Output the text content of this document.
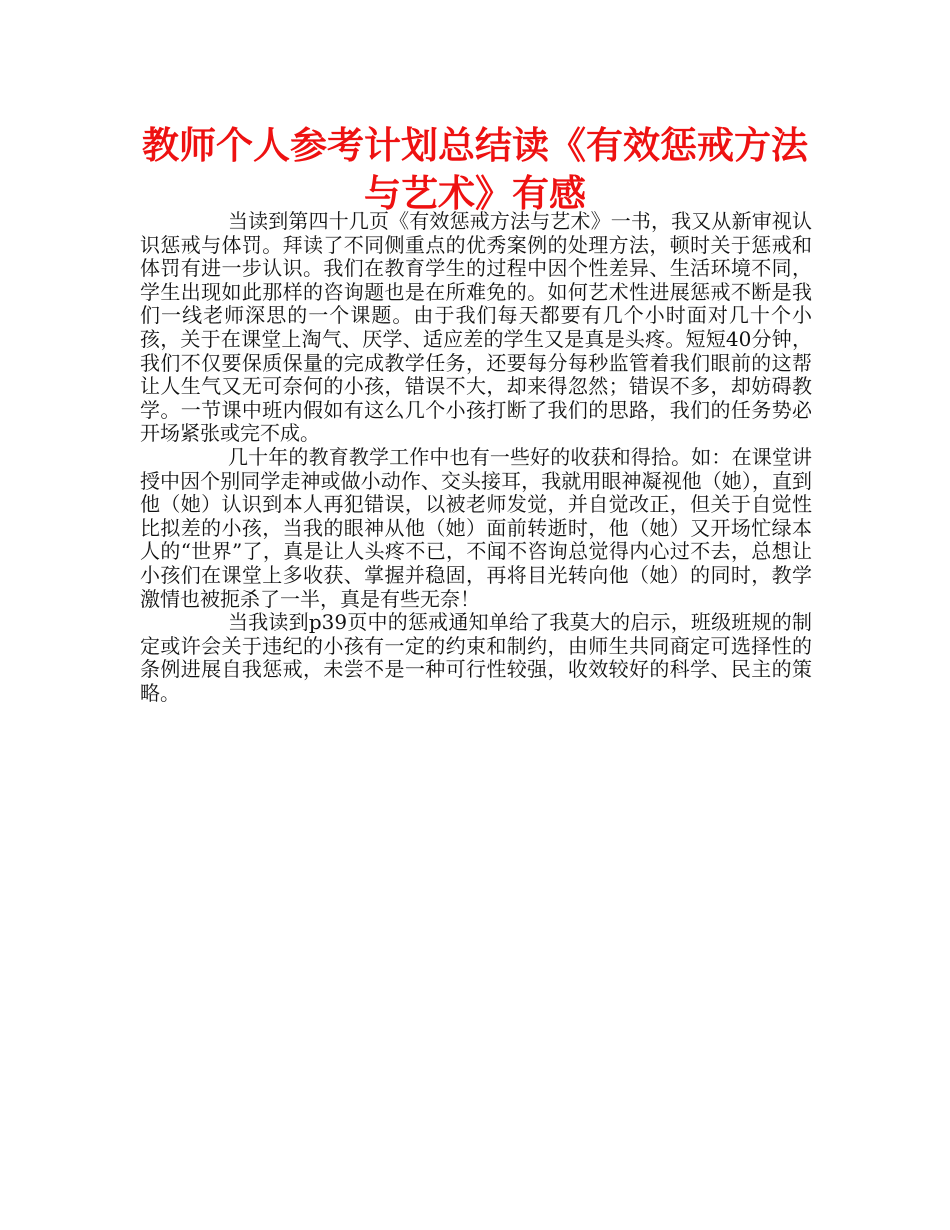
教师个人参考计划总结读《有效惩戒方法与艺术》有感

当读到第四十几页《有效惩戒方法与艺术》一书，我又从新审视认识惩戒与体罚。拜读了不同侧重点的优秀案例的处理方法，顿时关于惩戒和体罚有进一步认识。我们在教育学生的过程中因个性差异、生活环境不同，学生出现如此那样的咨询题也是在所难免的。如何艺术性进展惩戒不断是我们一线老师深思的一个课题。由于我们每天都要有几个小时面对几十个小孩，关于在课堂上淘气、厌学、适应差的学生又是真是头疼。短短40分钟，我们不仅要保质保量的完成教学任务，还要每分每秒监管着我们眼前的这帮让人生气又无可奈何的小孩，错误不大，却来得忽然；错误不多，却妨碍教学。一节课中班内假如有这么几个小孩打断了我们的思路，我们的任务势必开场紧张或完不成。

几十年的教育教学工作中也有一些好的收获和得拾。如：在课堂讲授中因个别同学走神或做小动作、交头接耳，我就用眼神凝视他（她），直到他（她）认识到本人再犯错误，以被老师发觉，并自觉改正，但关于自觉性比拟差的小孩，当我的眼神从他（她）面前转逝时，他（她）又开场忙绿本人的“世界”了，真是让人头疼不已，不闻不咨询总觉得内心过不去，总想让小孩们在课堂上多收获、掌握并稳固，再将目光转向他（她）的同时，教学激情也被扼杀了一半，真是有些无奈！

当我读到p39页中的惩戒通知单给了我莫大的启示，班级班规的制定或许会关于违纪的小孩有一定的约束和制约，由师生共同商定可选择性的条例进展自我惩戒，未尝不是一种可行性较强，收效较好的科学、民主的策略。
